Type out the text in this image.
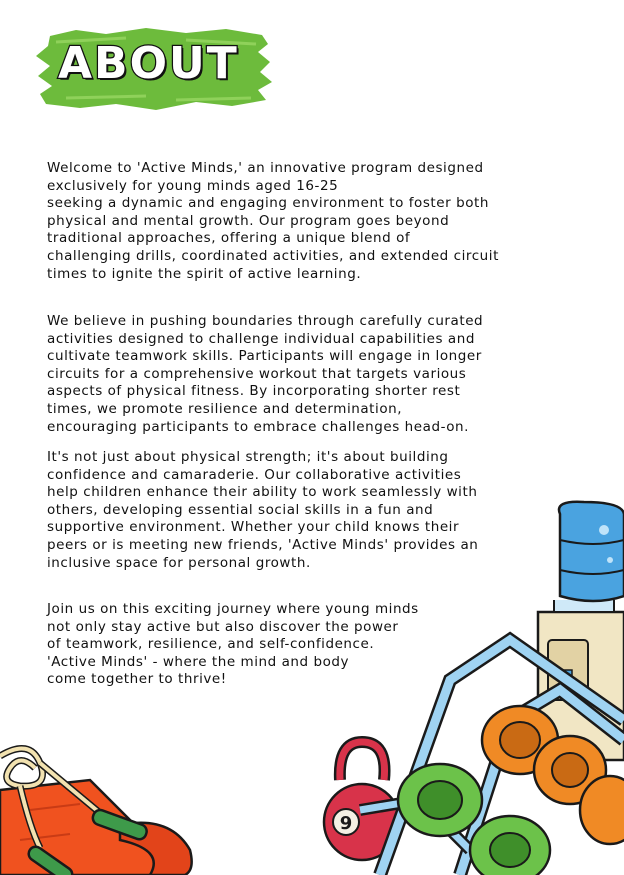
ABOUT

Welcome to 'Active Minds,' an innovative program designed
exclusively for young minds aged 16-25
seeking a dynamic and engaging environment to foster both
physical and mental growth. Our program goes beyond
traditional approaches, offering a unique blend of
challenging drills, coordinated activities, and extended circuit
times to ignite the spirit of active learning.

We believe in pushing boundaries through carefully curated
activities designed to challenge individual capabilities and
cultivate teamwork skills. Participants will engage in longer
circuits for a comprehensive workout that targets various
aspects of physical fitness. By incorporating shorter rest
times, we promote resilience and determination,
encouraging participants to embrace challenges head-on.

It's not just about physical strength; it's about building
confidence and camaraderie. Our collaborative activities
help children enhance their ability to work seamlessly with
others, developing essential social skills in a fun and
supportive environment. Whether your child knows their
peers or is meeting new friends, 'Active Minds' provides an
inclusive space for personal growth.

Join us on this exciting journey where young minds
not only stay active but also discover the power
of teamwork, resilience, and self-confidence.
'Active Minds' - where the mind and body
come together to thrive!

9
